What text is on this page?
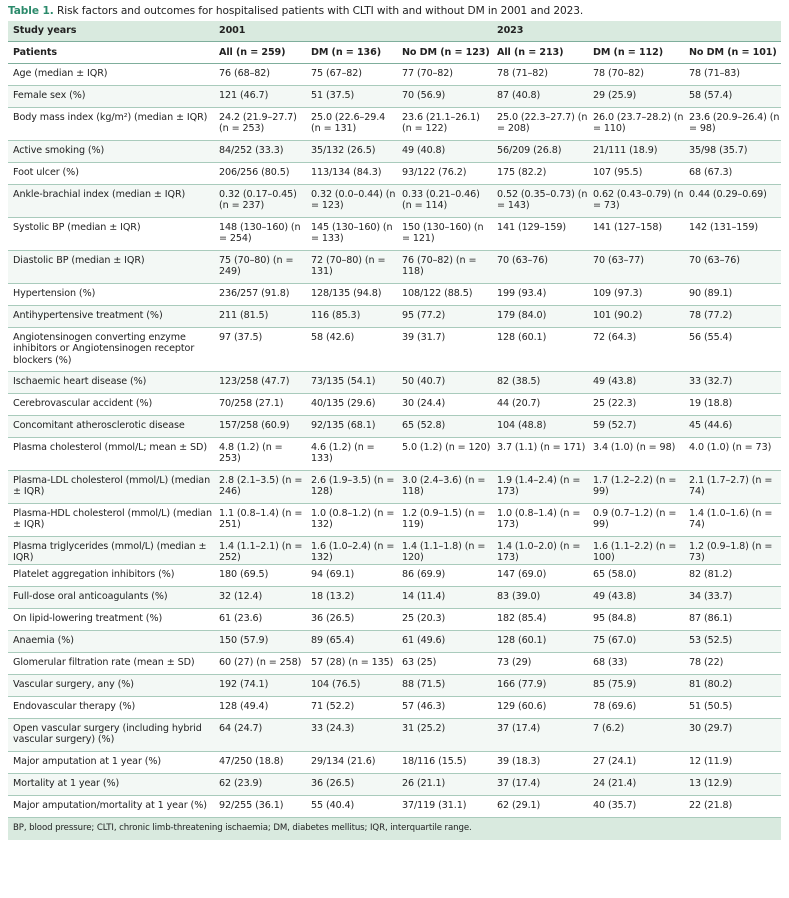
Table 1. Risk factors and outcomes for hospitalised patients with CLTI with and without DM in 2001 and 2023.

Study years	2001			2023		
Patients	All (n = 259)	DM (n = 136)	No DM (n = 123)	All (n = 213)	DM (n = 112)	No DM (n = 101)
Age (median ± IQR)	76 (68–82)	75 (67–82)	77 (70–82)	78 (71–82)	78 (70–82)	78 (71–83)
Female sex (%)	121 (46.7)	51 (37.5)	70 (56.9)	87 (40.8)	29 (25.9)	58 (57.4)
Body mass index (kg/m²) (median ± IQR)	24.2 (21.9–27.7) (n = 253)	25.0 (22.6–29.4 (n = 131)	23.6 (21.1–26.1) (n = 122)	25.0 (22.3–27.7) (n = 208)	26.0 (23.7–28.2) (n = 110)	23.6 (20.9–26.4) (n = 98)
Active smoking (%)	84/252 (33.3)	35/132 (26.5)	49 (40.8)	56/209 (26.8)	21/111 (18.9)	35/98 (35.7)
Foot ulcer (%)	206/256 (80.5)	113/134 (84.3)	93/122 (76.2)	175 (82.2)	107 (95.5)	68 (67.3)
Ankle-brachial index (median ± IQR)	0.32 (0.17–0.45) (n = 237)	0.32 (0.0–0.44) (n = 123)	0.33 (0.21–0.46) (n = 114)	0.52 (0.35–0.73) (n = 143)	0.62 (0.43–0.79) (n = 73)	0.44 (0.29–0.69)
Systolic BP (median ± IQR)	148 (130–160) (n = 254)	145 (130–160) (n = 133)	150 (130–160) (n = 121)	141 (129–159)	141 (127–158)	142 (131–159)
Diastolic BP (median ± IQR)	75 (70–80) (n = 249)	72 (70–80) (n = 131)	76 (70–82) (n = 118)	70 (63–76)	70 (63–77)	70 (63–76)
Hypertension (%)	236/257 (91.8)	128/135 (94.8)	108/122 (88.5)	199 (93.4)	109 (97.3)	90 (89.1)
Antihypertensive treatment (%)	211 (81.5)	116 (85.3)	95 (77.2)	179 (84.0)	101 (90.2)	78 (77.2)
Angiotensinogen converting enzyme inhibitors or Angiotensinogen receptor blockers (%)	97 (37.5)	58 (42.6)	39 (31.7)	128 (60.1)	72 (64.3)	56 (55.4)
Ischaemic heart disease (%)	123/258 (47.7)	73/135 (54.1)	50 (40.7)	82 (38.5)	49 (43.8)	33 (32.7)
Cerebrovascular accident (%)	70/258 (27.1)	40/135 (29.6)	30 (24.4)	44 (20.7)	25 (22.3)	19 (18.8)
Concomitant atherosclerotic disease	157/258 (60.9)	92/135 (68.1)	65 (52.8)	104 (48.8)	59 (52.7)	45 (44.6)
Plasma cholesterol (mmol/L; mean ± SD)	4.8 (1.2) (n = 253)	4.6 (1.2) (n = 133)	5.0 (1.2) (n = 120)	3.7 (1.1) (n = 171)	3.4 (1.0) (n = 98)	4.0 (1.0) (n = 73)
Plasma-LDL cholesterol (mmol/L) (median ± IQR)	2.8 (2.1–3.5) (n = 246)	2.6 (1.9–3.5) (n = 128)	3.0 (2.4–3.6) (n = 118)	1.9 (1.4–2.4) (n = 173)	1.7 (1.2–2.2) (n = 99)	2.1 (1.7–2.7) (n = 74)
Plasma-HDL cholesterol (mmol/L) (median ± IQR)	1.1 (0.8–1.4) (n = 251)	1.0 (0.8–1.2) (n = 132)	1.2 (0.9–1.5) (n = 119)	1.0 (0.8–1.4) (n = 173)	0.9 (0.7–1.2) (n = 99)	1.4 (1.0–1.6) (n = 74)
Plasma triglycerides (mmol/L) (median ± IQR)	1.4 (1.1–2.1) (n = 252)	1.6 (1.0–2.4) (n = 132)	1.4 (1.1–1.8) (n = 120)	1.4 (1.0–2.0) (n = 173)	1.6 (1.1–2.2) (n = 100)	1.2 (0.9–1.8) (n = 73)
Platelet aggregation inhibitors (%)	180 (69.5)	94 (69.1)	86 (69.9)	147 (69.0)	65 (58.0)	82 (81.2)
Full-dose oral anticoagulants (%)	32 (12.4)	18 (13.2)	14 (11.4)	83 (39.0)	49 (43.8)	34 (33.7)
On lipid-lowering treatment (%)	61 (23.6)	36 (26.5)	25 (20.3)	182 (85.4)	95 (84.8)	87 (86.1)
Anaemia (%)	150 (57.9)	89 (65.4)	61 (49.6)	128 (60.1)	75 (67.0)	53 (52.5)
Glomerular filtration rate (mean ± SD)	60 (27) (n = 258)	57 (28) (n = 135)	63 (25)	73 (29)	68 (33)	78 (22)
Vascular surgery, any (%)	192 (74.1)	104 (76.5)	88 (71.5)	166 (77.9)	85 (75.9)	81 (80.2)
Endovascular therapy (%)	128 (49.4)	71 (52.2)	57 (46.3)	129 (60.6)	78 (69.6)	51 (50.5)
Open vascular surgery (including hybrid vascular surgery) (%)	64 (24.7)	33 (24.3)	31 (25.2)	37 (17.4)	7 (6.2)	30 (29.7)
Major amputation at 1 year (%)	47/250 (18.8)	29/134 (21.6)	18/116 (15.5)	39 (18.3)	27 (24.1)	12 (11.9)
Mortality at 1 year (%)	62 (23.9)	36 (26.5)	26 (21.1)	37 (17.4)	24 (21.4)	13 (12.9)
Major amputation/mortality at 1 year (%)	92/255 (36.1)	55 (40.4)	37/119 (31.1)	62 (29.1)	40 (35.7)	22 (21.8)
BP, blood pressure; CLTI, chronic limb-threatening ischaemia; DM, diabetes mellitus; IQR, interquartile range.						
